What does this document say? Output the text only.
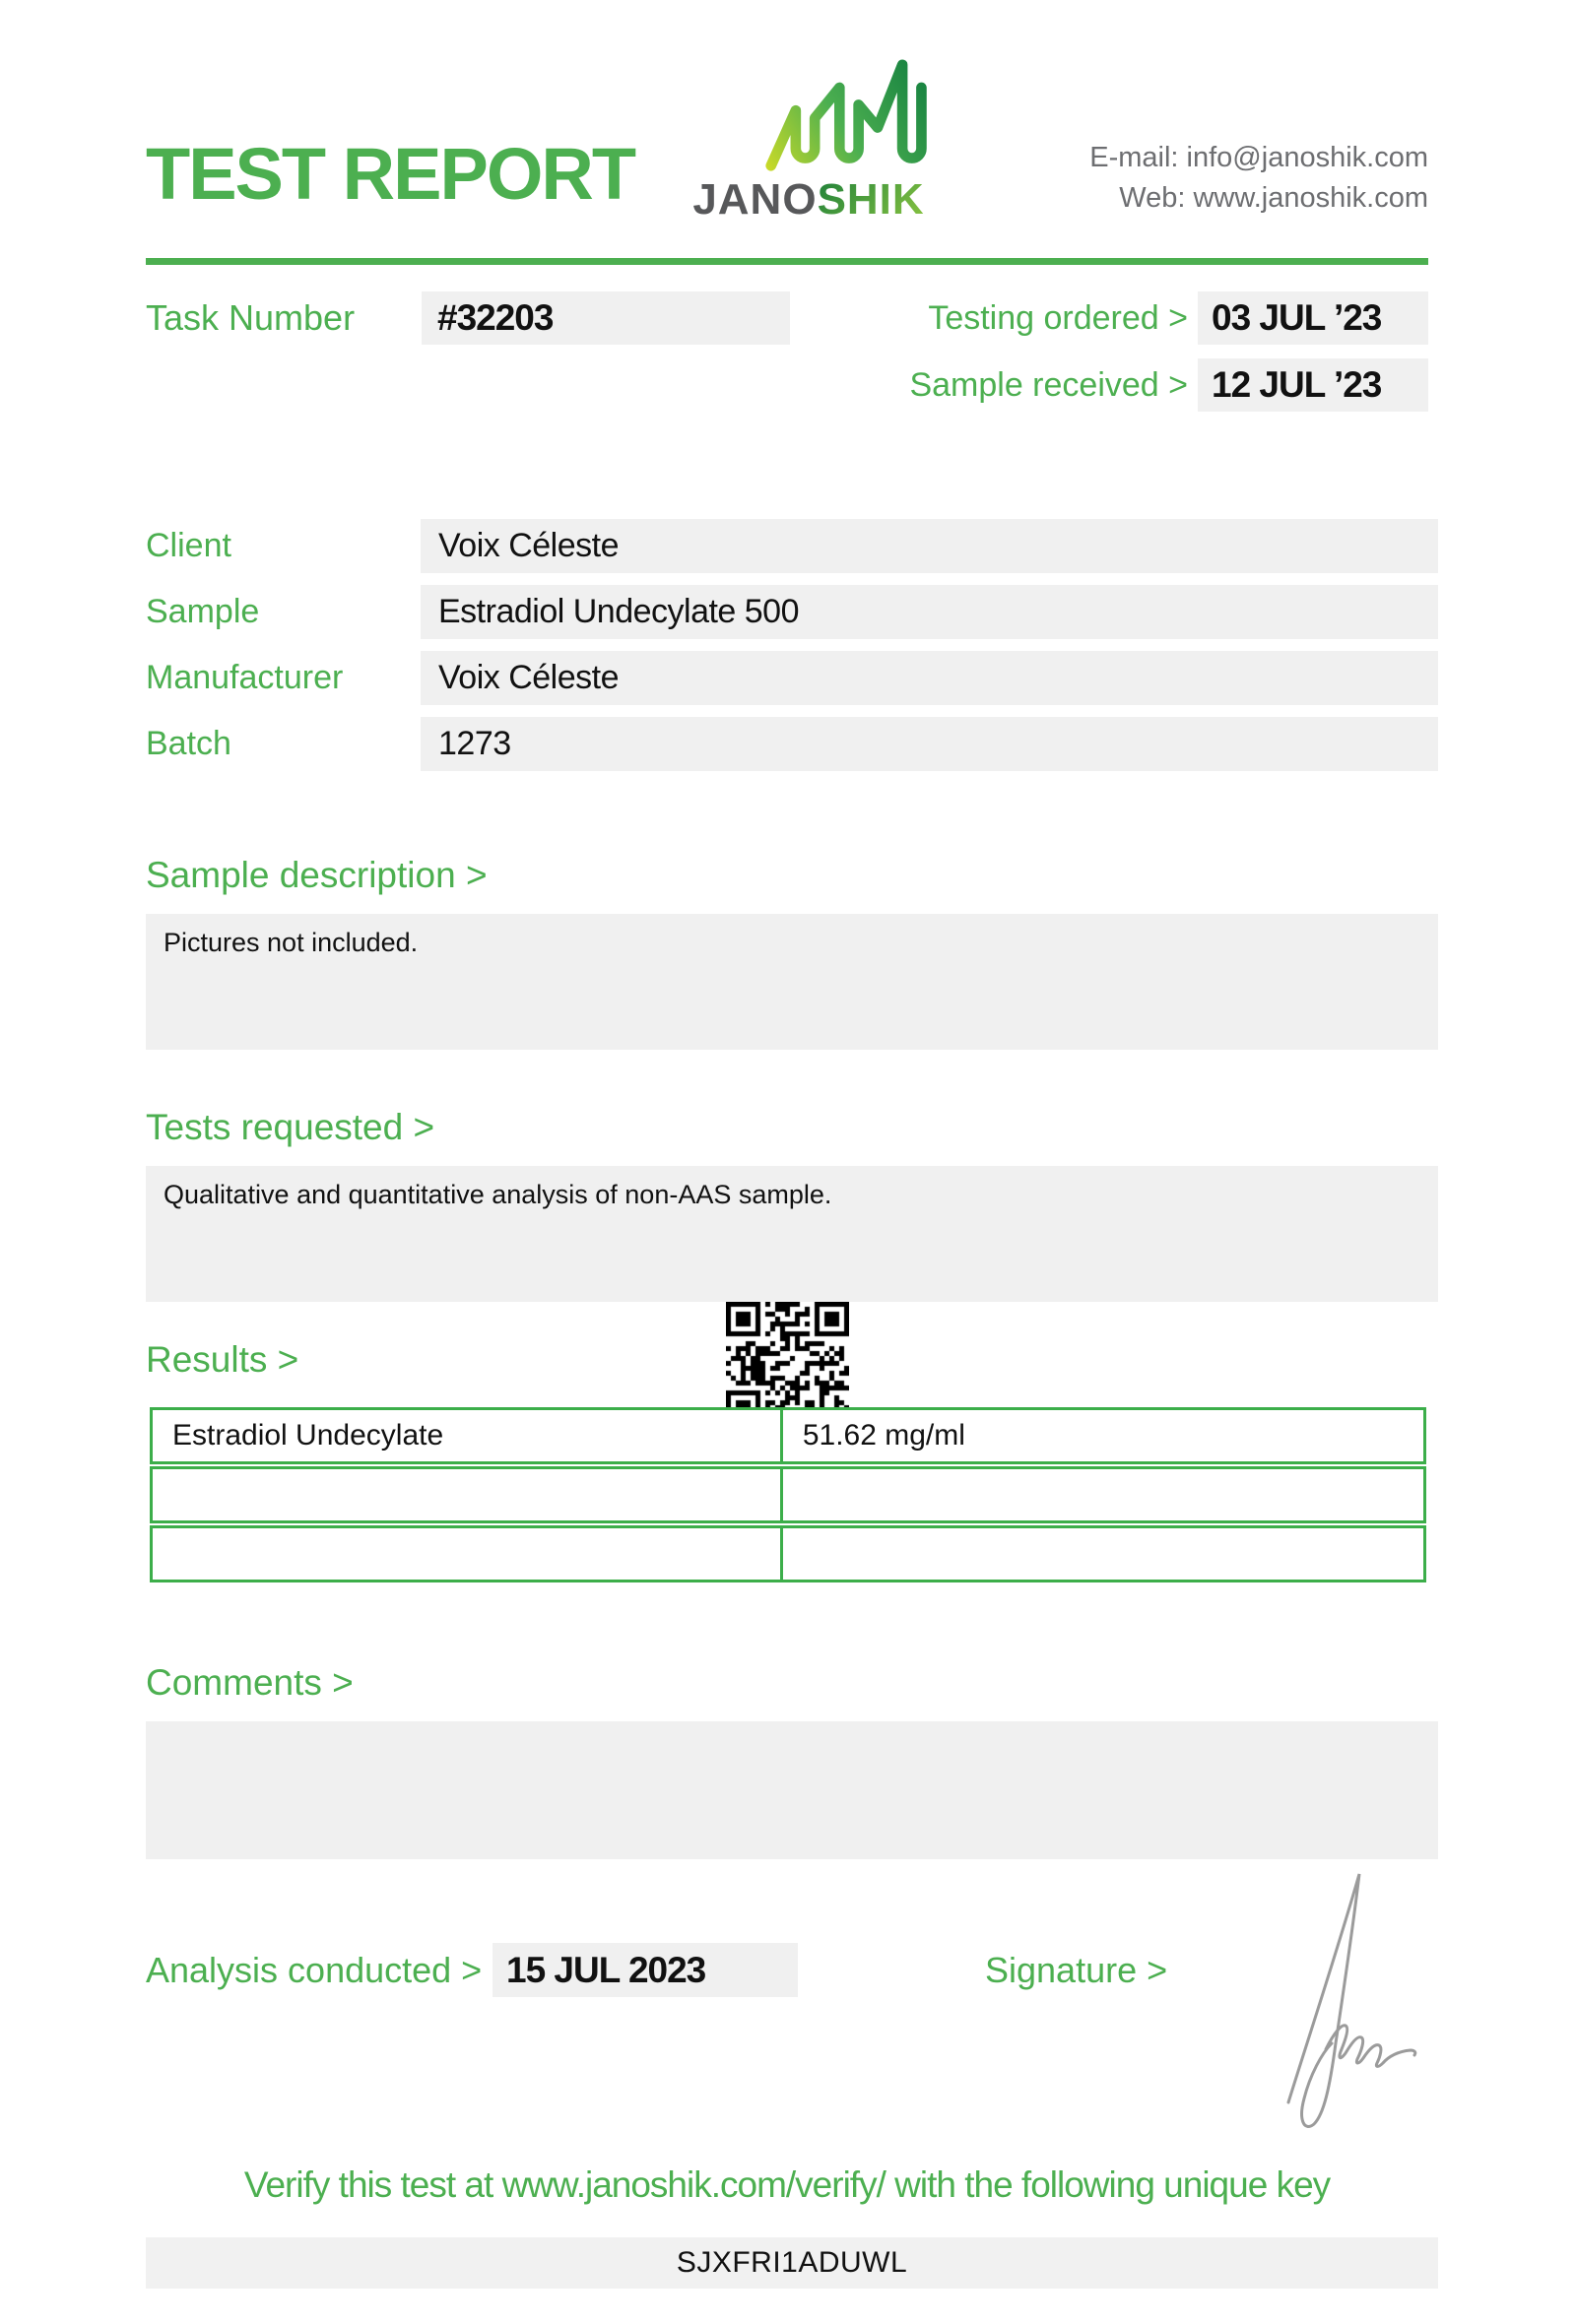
TEST REPORT	JANOSHIK
E-mail: info@janoshik.com
Web: www.janoshik.com
Task Number	#32203	Testing ordered > 03 JUL ’23
Sample received > 12 JUL ’23
Client	Voix Céleste
Sample	Estradiol Undecylate 500
Manufacturer	Voix Céleste
Batch	1273
Sample description >
Pictures not included.
Tests requested >
Qualitative and quantitative analysis of non-AAS sample.
Results >
Estradiol Undecylate	51.62 mg/ml
Comments >
Analysis conducted > 15 JUL 2023	Signature >
Verify this test at www.janoshik.com/verify/ with the following unique key
SJXFRI1ADUWL
